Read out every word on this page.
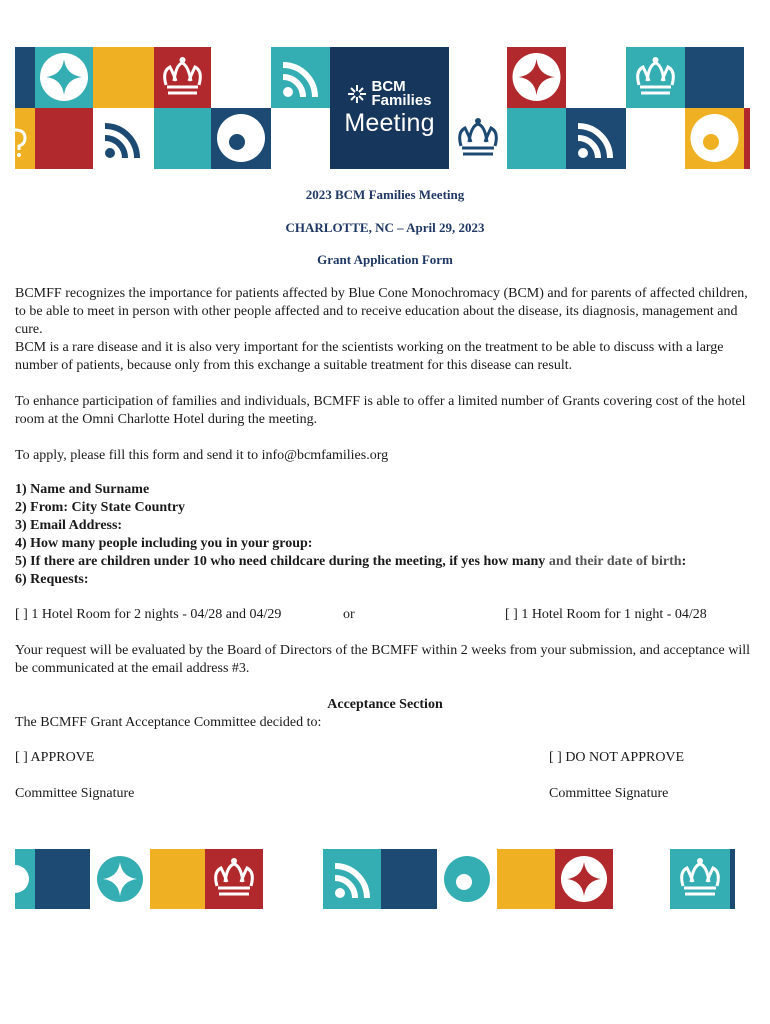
BCM
Families
Meeting
2023 BCM Families Meeting
CHARLOTTE, NC – April 29, 2023
Grant Application Form

BCMFF recognizes the importance for patients affected by Blue Cone Monochromacy (BCM) and for parents of affected children, to be able to meet in person with other people affected and to receive education about the disease, its diagnosis, management and cure.

BCM is a rare disease and it is also very important for the scientists working on the treatment to be able to discuss with a large number of patients, because only from this exchange a suitable treatment for this disease can result.

To enhance participation of families and individuals, BCMFF is able to offer a limited number of Grants covering cost of the hotel room at the Omni Charlotte Hotel during the meeting.

To apply, please fill this form and send it to info@bcmfamilies.org

1) Name and Surname
2) From: City State Country
3) Email Address:
4) How many people including you in your group:
5) If there are children under 10 who need childcare during the meeting, if yes how many and their date of birth:
6) Requests:
[ ] 1 Hotel Room for 2 nights - 04/28 and 04/29	or	[ ] 1 Hotel Room for 1 night - 04/28

Your request will be evaluated by the Board of Directors of the BCMFF within 2 weeks from your submission, and acceptance will be communicated at the email address #3.

Acceptance Section
The BCMFF Grant Acceptance Committee decided to:
[ ] APPROVE	[ ] DO NOT APPROVE
Committee Signature	Committee Signature
